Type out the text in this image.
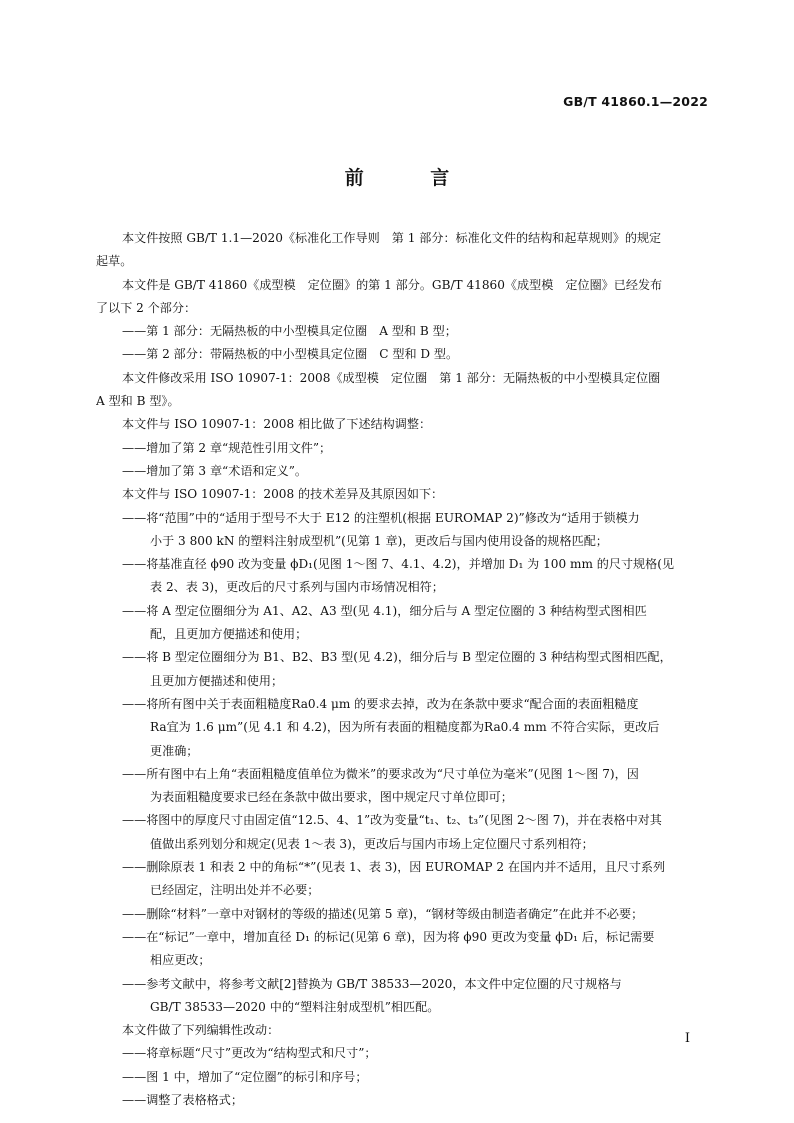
GB/T 41860.1—2022
前 言
本文件按照 GB/T 1.1—2020《标准化工作导则　第 1 部分：标准化文件的结构和起草规则》的规定
起草。
本文件是 GB/T 41860《成型模　定位圈》的第 1 部分。GB/T 41860《成型模　定位圈》已经发布
了以下 2 个部分：
——第 1 部分：无隔热板的中小型模具定位圈　A 型和 B 型；
——第 2 部分：带隔热板的中小型模具定位圈　C 型和 D 型。
本文件修改采用 ISO 10907-1：2008《成型模　定位圈　第 1 部分：无隔热板的中小型模具定位圈
A 型和 B 型》。
本文件与 ISO 10907-1：2008 相比做了下述结构调整：
——增加了第 2 章“规范性引用文件”；
——增加了第 3 章“术语和定义”。
本文件与 ISO 10907-1：2008 的技术差异及其原因如下：
——将“范围”中的“适用于型号不大于 E12 的注塑机(根据 EUROMAP 2)”修改为“适用于锁模力
小于 3 800 kN 的塑料注射成型机”(见第 1 章)，更改后与国内使用设备的规格匹配；
——将基准直径 ϕ90 改为变量 ϕD₁(见图 1～图 7、4.1、4.2)，并增加 D₁ 为 100 mm 的尺寸规格(见
表 2、表 3)，更改后的尺寸系列与国内市场情况相符；
——将 A 型定位圈细分为 A1、A2、A3 型(见 4.1)，细分后与 A 型定位圈的 3 种结构型式图相匹
配，且更加方便描述和使用；
——将 B 型定位圈细分为 B1、B2、B3 型(见 4.2)，细分后与 B 型定位圈的 3 种结构型式图相匹配，
且更加方便描述和使用；
——将所有图中关于表面粗糙度Ra0.4 μm 的要求去掉，改为在条款中要求“配合面的表面粗糙度
Ra宜为 1.6 μm”(见 4.1 和 4.2)，因为所有表面的粗糙度都为Ra0.4 mm 不符合实际，更改后
更准确；
——所有图中右上角“表面粗糙度值单位为微米”的要求改为“尺寸单位为毫米”(见图 1～图 7)，因
为表面粗糙度要求已经在条款中做出要求，图中规定尺寸单位即可；
——将图中的厚度尺寸由固定值“12.5、4、1”改为变量“t₁、t₂、t₃”(见图 2～图 7)，并在表格中对其
值做出系列划分和规定(见表 1～表 3)，更改后与国内市场上定位圈尺寸系列相符；
——删除原表 1 和表 2 中的角标“*”(见表 1、表 3)，因 EUROMAP 2 在国内并不适用，且尺寸系列
已经固定，注明出处并不必要；
——删除“材料”一章中对钢材的等级的描述(见第 5 章)，“钢材等级由制造者确定”在此并不必要；
——在“标记”一章中，增加直径 D₁ 的标记(见第 6 章)，因为将 ϕ90 更改为变量 ϕD₁ 后，标记需要
相应更改；
——参考文献中，将参考文献[2]替换为 GB/T 38533—2020，本文件中定位圈的尺寸规格与
GB/T 38533—2020 中的“塑料注射成型机”相匹配。
本文件做了下列编辑性改动：
——将章标题“尺寸”更改为“结构型式和尺寸”；
——图 1 中，增加了“定位圈”的标引和序号；
——调整了表格格式；
I
